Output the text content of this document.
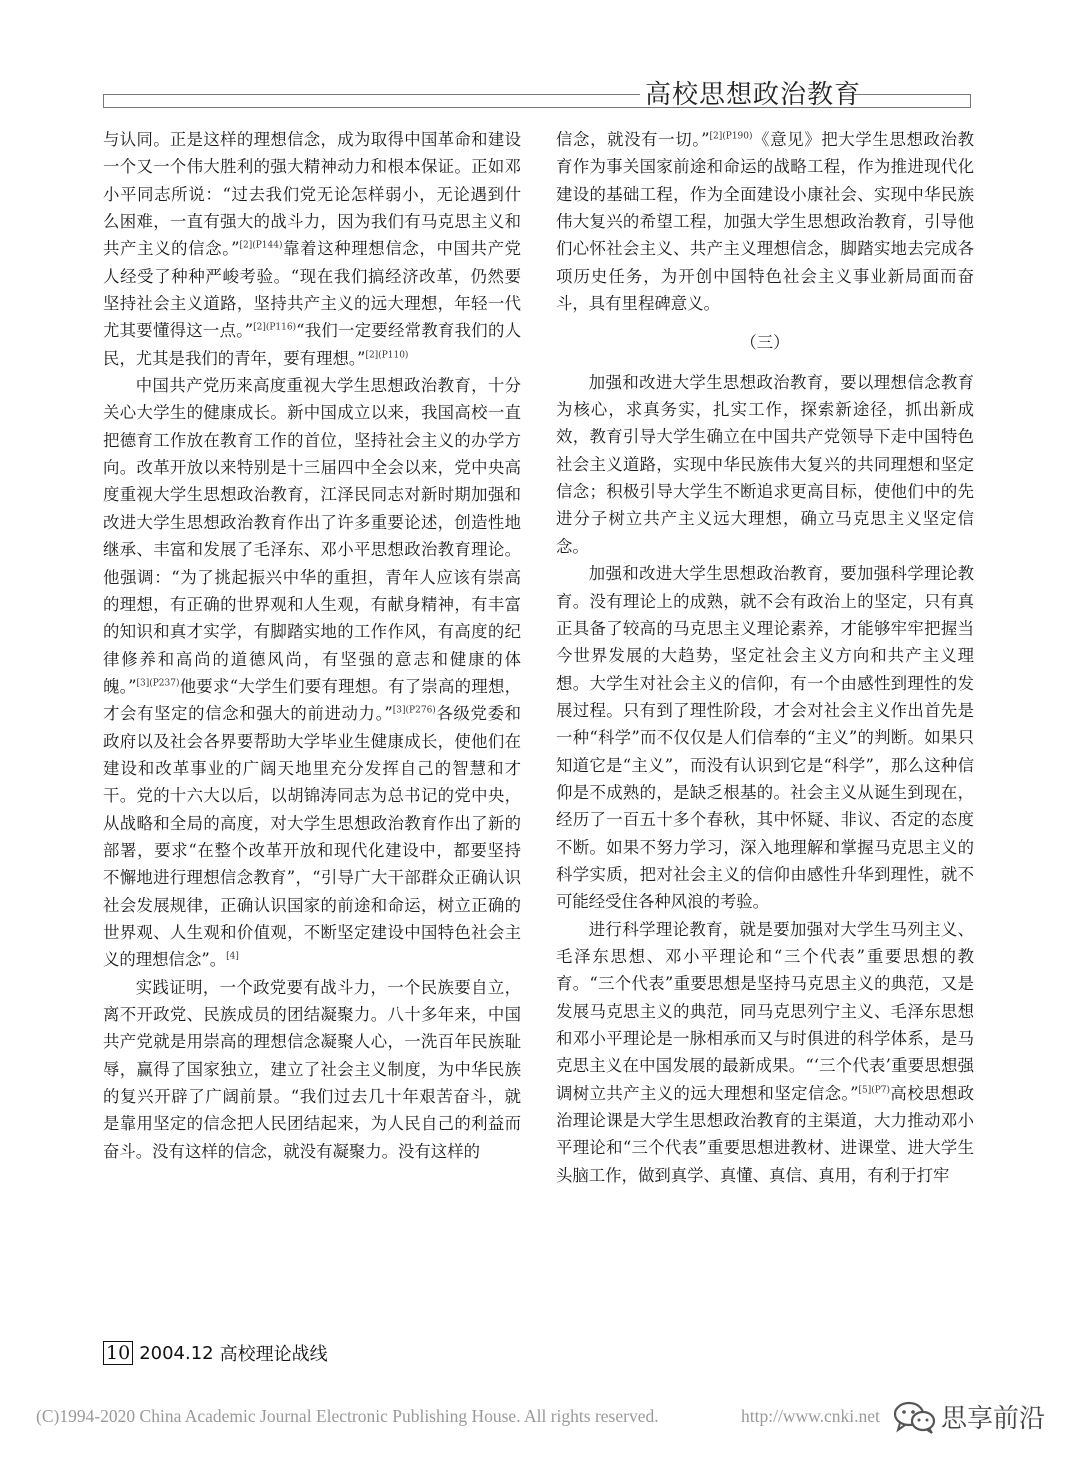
高校思想政治教育

与认同。正是这样的理想信念，成为取得中国革命和建设一个又一个伟大胜利的强大精神动力和根本保证。正如邓小平同志所说：“过去我们党无论怎样弱小，无论遇到什么困难，一直有强大的战斗力，因为我们有马克思主义和共产主义的信念。”$^{[2](P144)}$靠着这种理想信念，中国共产党人经受了种种严峻考验。“现在我们搞经济改革，仍然要坚持社会主义道路，坚持共产主义的远大理想，年轻一代尤其要懂得这一点。”$^{[2](P116)}$“我们一定要经常教育我们的人民，尤其是我们的青年，要有理想。”$^{[2](P110)}$

中国共产党历来高度重视大学生思想政治教育，十分关心大学生的健康成长。新中国成立以来，我国高校一直把德育工作放在教育工作的首位，坚持社会主义的办学方向。改革开放以来特别是十三届四中全会以来，党中央高度重视大学生思想政治教育，江泽民同志对新时期加强和改进大学生思想政治教育作出了许多重要论述，创造性地继承、丰富和发展了毛泽东、邓小平思想政治教育理论。他强调：“为了挑起振兴中华的重担，青年人应该有崇高的理想，有正确的世界观和人生观，有献身精神，有丰富的知识和真才实学，有脚踏实地的工作作风，有高度的纪律修养和高尚的道德风尚，有坚强的意志和健康的体魄。”$^{[3](P237)}$他要求“大学生们要有理想。有了崇高的理想，才会有坚定的信念和强大的前进动力。”$^{[3](P276)}$各级党委和政府以及社会各界要帮助大学毕业生健康成长，使他们在建设和改革事业的广阔天地里充分发挥自己的智慧和才干。党的十六大以后，以胡锦涛同志为总书记的党中央，从战略和全局的高度，对大学生思想政治教育作出了新的部署，要求“在整个改革开放和现代化建设中，都要坚持不懈地进行理想信念教育”，“引导广大干部群众正确认识社会发展规律，正确认识国家的前途和命运，树立正确的世界观、人生观和价值观，不断坚定建设中国特色社会主义的理想信念”。[4]

实践证明，一个政党要有战斗力，一个民族要自立，离不开政党、民族成员的团结凝聚力。八十多年来，中国共产党就是用崇高的理想信念凝聚人心，一洗百年民族耻辱，赢得了国家独立，建立了社会主义制度，为中华民族的复兴开辟了广阔前景。“我们过去几十年艰苦奋斗，就是靠用坚定的信念把人民团结起来，为人民自己的利益而奋斗。没有这样的信念，就没有凝聚力。没有这样的

信念，就没有一切。”$^{[2](P190)}$《意见》把大学生思想政治教育作为事关国家前途和命运的战略工程，作为推进现代化建设的基础工程，作为全面建设小康社会、实现中华民族伟大复兴的希望工程，加强大学生思想政治教育，引导他们心怀社会主义、共产主义理想信念，脚踏实地去完成各项历史任务，为开创中国特色社会主义事业新局面而奋斗，具有里程碑意义。

（三）

加强和改进大学生思想政治教育，要以理想信念教育为核心，求真务实，扎实工作，探索新途径，抓出新成效，教育引导大学生确立在中国共产党领导下走中国特色社会主义道路，实现中华民族伟大复兴的共同理想和坚定信念；积极引导大学生不断追求更高目标，使他们中的先进分子树立共产主义远大理想，确立马克思主义坚定信念。

加强和改进大学生思想政治教育，要加强科学理论教育。没有理论上的成熟，就不会有政治上的坚定，只有真正具备了较高的马克思主义理论素养，才能够牢牢把握当今世界发展的大趋势，坚定社会主义方向和共产主义理想。大学生对社会主义的信仰，有一个由感性到理性的发展过程。只有到了理性阶段，才会对社会主义作出首先是一种“科学”而不仅仅是人们信奉的“主义”的判断。如果只知道它是“主义”，而没有认识到它是“科学”，那么这种信仰是不成熟的，是缺乏根基的。社会主义从诞生到现在，经历了一百五十多个春秋，其中怀疑、非议、否定的态度不断。如果不努力学习，深入地理解和掌握马克思主义的科学实质，把对社会主义的信仰由感性升华到理性，就不可能经受住各种风浪的考验。

进行科学理论教育，就是要加强对大学生马列主义、毛泽东思想、邓小平理论和“三个代表”重要思想的教育。“三个代表”重要思想是坚持马克思主义的典范，又是发展马克思主义的典范，同马克思列宁主义、毛泽东思想和邓小平理论是一脉相承而又与时俱进的科学体系，是马克思主义在中国发展的最新成果。“‘三个代表’重要思想强调树立共产主义的远大理想和坚定信念。”$^{[5](P7)}$高校思想政治理论课是大学生思想政治教育的主渠道，大力推动邓小平理论和“三个代表”重要思想进教材、进课堂、进大学生头脑工作，做到真学、真懂、真信、真用，有利于打牢

10 2004.12 高校理论战线
(C)1994-2020 China Academic Journal Electronic Publishing House. All rights reserved.	http://www.cnki.net 思享前沿
